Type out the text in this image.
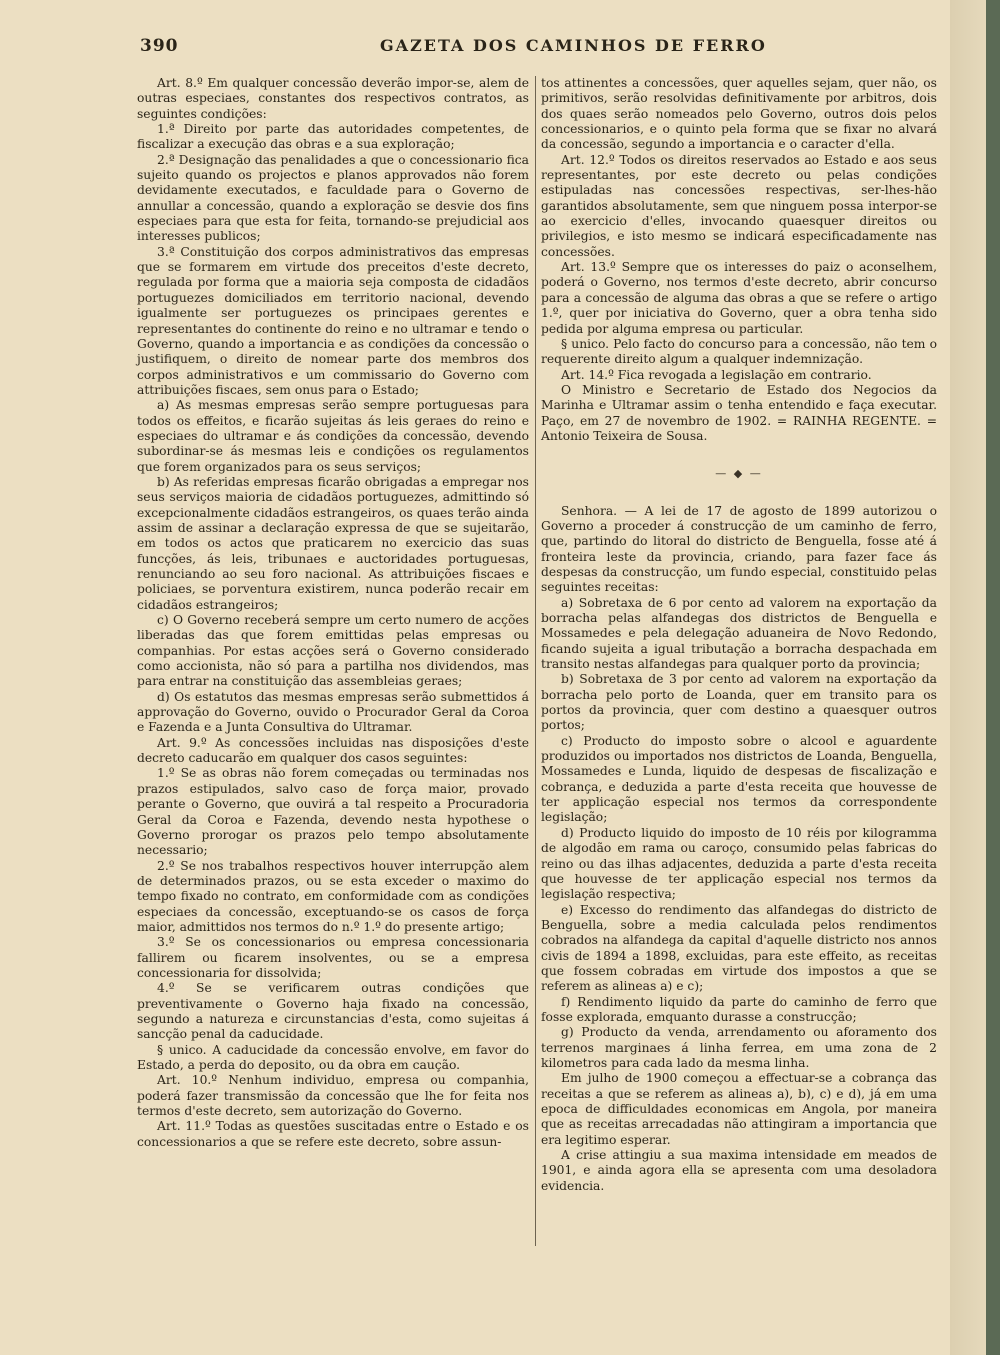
390	GAZETA DOS CAMINHOS DE FERRO

Art. 8.º Em qualquer concessão deverão impor-se, alem de outras especiaes, constantes dos respectivos contratos, as seguintes condições:

1.ª Direito por parte das autoridades competentes, de fiscalizar a execução das obras e a sua exploração;

2.ª Designação das penalidades a que o concessionario fica sujeito quando os projectos e planos approvados não forem devidamente executados, e faculdade para o Governo de annullar a concessão, quando a exploração se desvie dos fins especiaes para que esta for feita, tornando-se prejudicial aos interesses publicos;

3.ª Constituição dos corpos administrativos das empresas que se formarem em virtude dos preceitos d'este decreto, regulada por forma que a maioria seja composta de cidadãos portuguezes domiciliados em territorio nacional, devendo igualmente ser portuguezes os principaes gerentes e representantes do continente do reino e no ultramar e tendo o Governo, quando a importancia e as condições da concessão o justifiquem, o direito de nomear parte dos membros dos corpos administrativos e um commissario do Governo com attribuições fiscaes, sem onus para o Estado;

a) As mesmas empresas serão sempre portuguesas para todos os effeitos, e ficarão sujeitas ás leis geraes do reino e especiaes do ultramar e ás condições da concessão, devendo subordinar-se ás mesmas leis e condições os regulamentos que forem organizados para os seus serviços;

b) As referidas empresas ficarão obrigadas a empregar nos seus serviços maioria de cidadãos portuguezes, admittindo só excepcionalmente cidadãos estrangeiros, os quaes terão ainda assim de assinar a declaração expressa de que se sujeitarão, em todos os actos que praticarem no exercicio das suas funcções, ás leis, tribunaes e auctoridades portuguesas, renunciando ao seu foro nacional. As attribuições fiscaes e policiaes, se porventura existirem, nunca poderão recair em cidadãos estrangeiros;

c) O Governo receberá sempre um certo numero de acções liberadas das que forem emittidas pelas empresas ou companhias. Por estas acções será o Governo considerado como accionista, não só para a partilha nos dividendos, mas para entrar na constituição das assembleias geraes;

d) Os estatutos das mesmas empresas serão submettidos á approvação do Governo, ouvido o Procurador Geral da Coroa e Fazenda e a Junta Consultiva do Ultramar.

Art. 9.º As concessões incluidas nas disposições d'este decreto caducarão em qualquer dos casos seguintes:

1.º Se as obras não forem começadas ou terminadas nos prazos estipulados, salvo caso de força maior, provado perante o Governo, que ouvirá a tal respeito a Procuradoria Geral da Coroa e Fazenda, devendo nesta hypothese o Governo prorogar os prazos pelo tempo absolutamente necessario;

2.º Se nos trabalhos respectivos houver interrupção alem de determinados prazos, ou se esta exceder o maximo do tempo fixado no contrato, em conformidade com as condições especiaes da concessão, exceptuando-se os casos de força maior, admittidos nos termos do n.º 1.º do presente artigo;

3.º Se os concessionarios ou empresa concessionaria fallirem ou ficarem insolventes, ou se a empresa concessionaria for dissolvida;

4.º Se se verificarem outras condições que preventivamente o Governo haja fixado na concessão, segundo a natureza e circunstancias d'esta, como sujeitas á sancção penal da caducidade.

§ unico. A caducidade da concessão envolve, em favor do Estado, a perda do deposito, ou da obra em caução.

Art. 10.º Nenhum individuo, empresa ou companhia, poderá fazer transmissão da concessão que lhe for feita nos termos d'este decreto, sem autorização do Governo.

Art. 11.º Todas as questões suscitadas entre o Estado e os concessionarios a que se refere este decreto, sobre assun-

tos attinentes a concessões, quer aquelles sejam, quer não, os primitivos, serão resolvidas definitivamente por arbitros, dois dos quaes serão nomeados pelo Governo, outros dois pelos concessionarios, e o quinto pela forma que se fixar no alvará da concessão, segundo a importancia e o caracter d'ella.

Art. 12.º Todos os direitos reservados ao Estado e aos seus representantes, por este decreto ou pelas condições estipuladas nas concessões respectivas, ser-lhes-hão garantidos absolutamente, sem que ninguem possa interpor-se ao exercicio d'elles, invocando quaesquer direitos ou privilegios, e isto mesmo se indicará especificadamente nas concessões.

Art. 13.º Sempre que os interesses do paiz o aconselhem, poderá o Governo, nos termos d'este decreto, abrir concurso para a concessão de alguma das obras a que se refere o artigo 1.º, quer por iniciativa do Governo, quer a obra tenha sido pedida por alguma empresa ou particular.

§ unico. Pelo facto do concurso para a concessão, não tem o requerente direito algum a qualquer indemnização.

Art. 14.º Fica revogada a legislação em contrario.

O Ministro e Secretario de Estado dos Negocios da Marinha e Ultramar assim o tenha entendido e faça executar. Paço, em 27 de novembro de 1902. = RAINHA REGENTE. = Antonio Teixeira de Sousa.

— ◆ —

Senhora. — A lei de 17 de agosto de 1899 autorizou o Governo a proceder á construcção de um caminho de ferro, que, partindo do litoral do districto de Benguella, fosse até á fronteira leste da provincia, criando, para fazer face ás despesas da construcção, um fundo especial, constituido pelas seguintes receitas:

a) Sobretaxa de 6 por cento ad valorem na exportação da borracha pelas alfandegas dos districtos de Benguella e Mossamedes e pela delegação aduaneira de Novo Redondo, ficando sujeita a igual tributação a borracha despachada em transito nestas alfandegas para qualquer porto da provincia;

b) Sobretaxa de 3 por cento ad valorem na exportação da borracha pelo porto de Loanda, quer em transito para os portos da provincia, quer com destino a quaesquer outros portos;

c) Producto do imposto sobre o alcool e aguardente produzidos ou importados nos districtos de Loanda, Benguella, Mossamedes e Lunda, liquido de despesas de fiscalização e cobrança, e deduzida a parte d'esta receita que houvesse de ter applicação especial nos termos da correspondente legislação;

d) Producto liquido do imposto de 10 réis por kilogramma de algodão em rama ou caroço, consumido pelas fabricas do reino ou das ilhas adjacentes, deduzida a parte d'esta receita que houvesse de ter applicação especial nos termos da legislação respectiva;

e) Excesso do rendimento das alfandegas do districto de Benguella, sobre a media calculada pelos rendimentos cobrados na alfandega da capital d'aquelle districto nos annos civis de 1894 a 1898, excluidas, para este effeito, as receitas que fossem cobradas em virtude dos impostos a que se referem as alineas a) e c);

f) Rendimento liquido da parte do caminho de ferro que fosse explorada, emquanto durasse a construcção;

g) Producto da venda, arrendamento ou aforamento dos terrenos marginaes á linha ferrea, em uma zona de 2 kilometros para cada lado da mesma linha.

Em julho de 1900 começou a effectuar-se a cobrança das receitas a que se referem as alineas a), b), c) e d), já em uma epoca de difficuldades economicas em Angola, por maneira que as receitas arrecadadas não attingiram a importancia que era legitimo esperar.

A crise attingiu a sua maxima intensidade em meados de 1901, e ainda agora ella se apresenta com uma desoladora evidencia.
